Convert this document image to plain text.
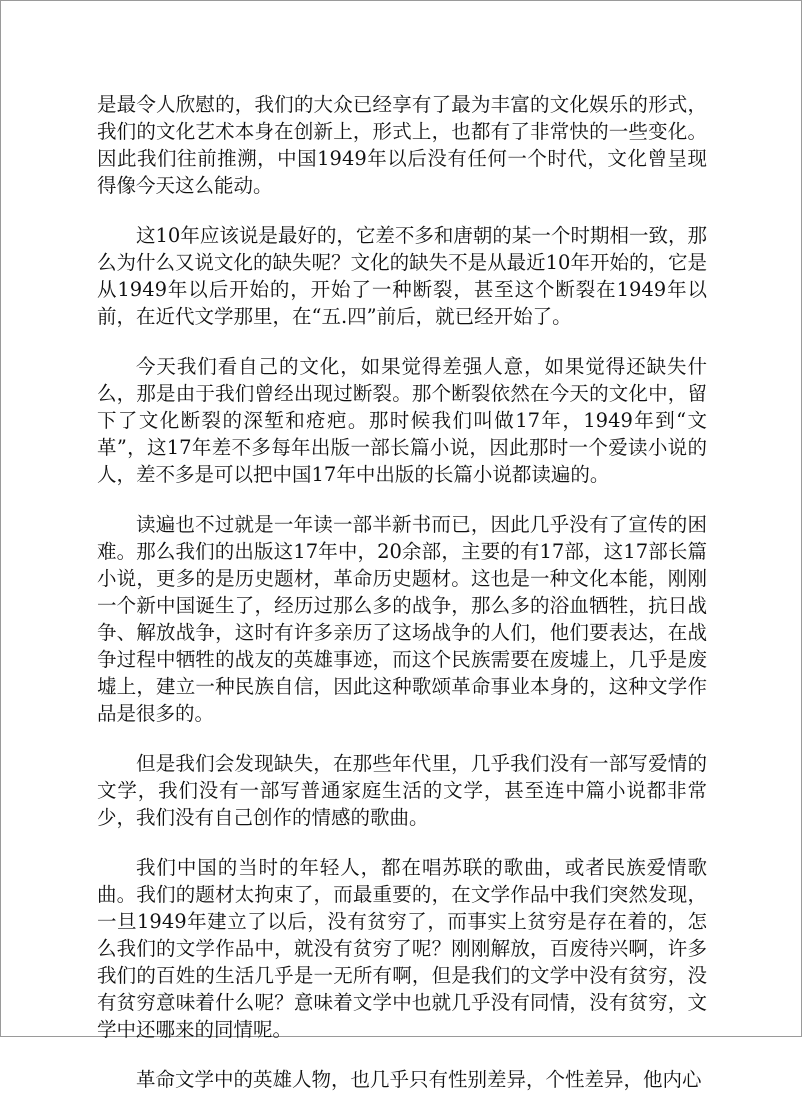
是最令人欣慰的，我们的大众已经享有了最为丰富的文化娱乐的形式，我们的文化艺术本身在创新上，形式上，也都有了非常快的一些变化。因此我们往前推溯，中国1949年以后没有任何一个时代，文化曾呈现得像今天这么能动。

这10年应该说是最好的，它差不多和唐朝的某一个时期相一致，那么为什么又说文化的缺失呢？文化的缺失不是从最近10年开始的，它是从1949年以后开始的，开始了一种断裂，甚至这个断裂在1949年以前，在近代文学那里，在“五.四”前后，就已经开始了。

今天我们看自己的文化，如果觉得差强人意，如果觉得还缺失什么，那是由于我们曾经出现过断裂。那个断裂依然在今天的文化中，留下了文化断裂的深堑和疮疤。那时候我们叫做17年，1949年到“文革”，这17年差不多每年出版一部长篇小说，因此那时一个爱读小说的人，差不多是可以把中国17年中出版的长篇小说都读遍的。

读遍也不过就是一年读一部半新书而已，因此几乎没有了宣传的困难。那么我们的出版这17年中，20余部，主要的有17部，这17部长篇小说，更多的是历史题材，革命历史题材。这也是一种文化本能，刚刚一个新中国诞生了，经历过那么多的战争，那么多的浴血牺牲，抗日战争、解放战争，这时有许多亲历了这场战争的人们，他们要表达，在战争过程中牺牲的战友的英雄事迹，而这个民族需要在废墟上，几乎是废墟上，建立一种民族自信，因此这种歌颂革命事业本身的，这种文学作品是很多的。

但是我们会发现缺失，在那些年代里，几乎我们没有一部写爱情的文学，我们没有一部写普通家庭生活的文学，甚至连中篇小说都非常少，我们没有自己创作的情感的歌曲。

我们中国的当时的年轻人，都在唱苏联的歌曲，或者民族爱情歌曲。我们的题材太拘束了，而最重要的，在文学作品中我们突然发现，一旦1949年建立了以后，没有贫穷了，而事实上贫穷是存在着的，怎么我们的文学作品中，就没有贫穷了呢？刚刚解放，百废待兴啊，许多我们的百姓的生活几乎是一无所有啊，但是我们的文学中没有贫穷，没有贫穷意味着什么呢？意味着文学中也就几乎没有同情，没有贫穷，文学中还哪来的同情呢。

革命文学中的英雄人物，也几乎只有性别差异，个性差异，他内心
